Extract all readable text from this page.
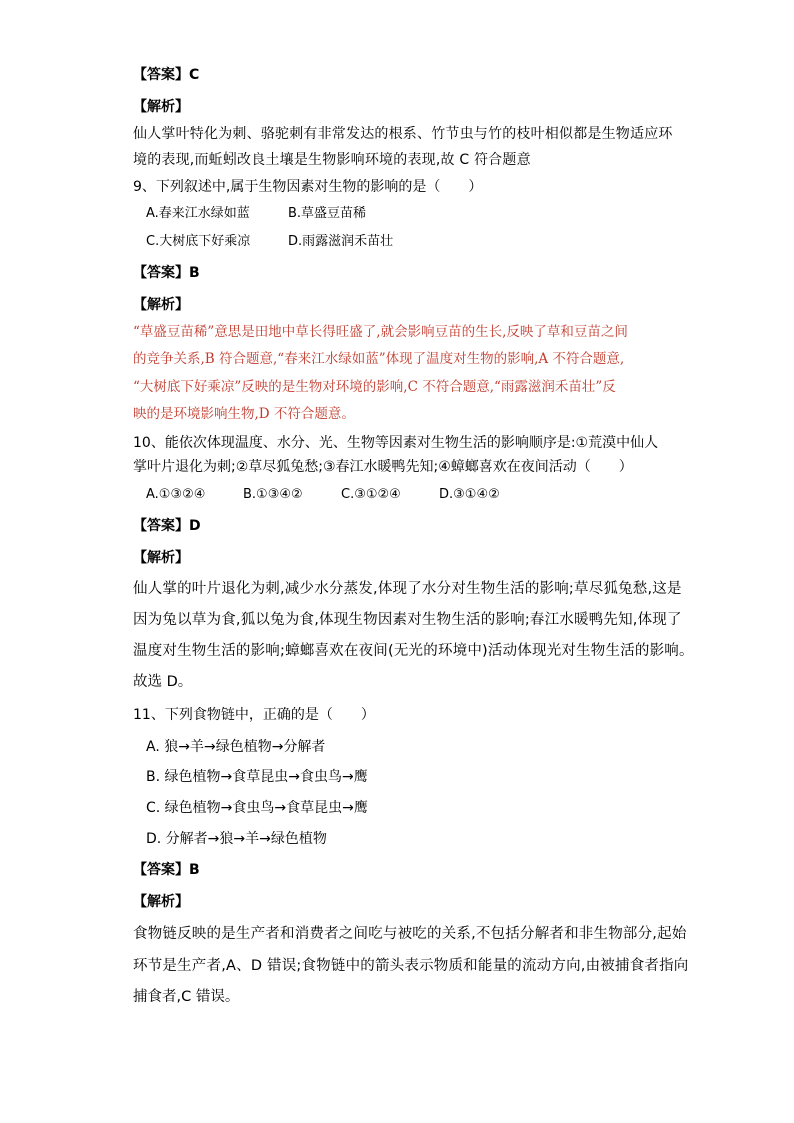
【答案】C
【解析】
仙人掌叶特化为刺、骆驼刺有非常发达的根系、竹节虫与竹的枝叶相似都是生物适应环
境的表现,而蚯蚓改良土壤是生物影响环境的表现,故 C 符合题意
9、下列叙述中,属于生物因素对生物的影响的是（　　）
A.春来江水绿如蓝	B.草盛豆苗稀
C.大树底下好乘凉	D.雨露滋润禾苗壮
【答案】B
【解析】
“草盛豆苗稀”意思是田地中草长得旺盛了,就会影响豆苗的生长,反映了草和豆苗之间
的竞争关系,B 符合题意,“春来江水绿如蓝”体现了温度对生物的影响,A 不符合题意,
“大树底下好乘凉”反映的是生物对环境的影响,C 不符合题意,“雨露滋润禾苗壮”反
映的是环境影响生物,D 不符合题意。
10、能依次体现温度、水分、光、生物等因素对生物生活的影响顺序是:①荒漠中仙人
掌叶片退化为刺;②草尽狐兔愁;③春江水暖鸭先知;④蟑螂喜欢在夜间活动（　　）
A.①③②④	B.①③④②	C.③①②④	D.③①④②
【答案】D
【解析】
仙人掌的叶片退化为刺,减少水分蒸发,体现了水分对生物生活的影响;草尽狐兔愁,这是
因为兔以草为食,狐以兔为食,体现生物因素对生物生活的影响;春江水暖鸭先知,体现了
温度对生物生活的影响;蟑螂喜欢在夜间(无光的环境中)活动体现光对生物生活的影响。
故选 D。
11、下列食物链中，正确的是（　　）
A. 狼→羊→绿色植物→分解者
B. 绿色植物→食草昆虫→食虫鸟→鹰
C. 绿色植物→食虫鸟→食草昆虫→鹰
D. 分解者→狼→羊→绿色植物
【答案】B
【解析】
食物链反映的是生产者和消费者之间吃与被吃的关系,不包括分解者和非生物部分,起始
环节是生产者,A、D 错误;食物链中的箭头表示物质和能量的流动方向,由被捕食者指向
捕食者,C 错误。
